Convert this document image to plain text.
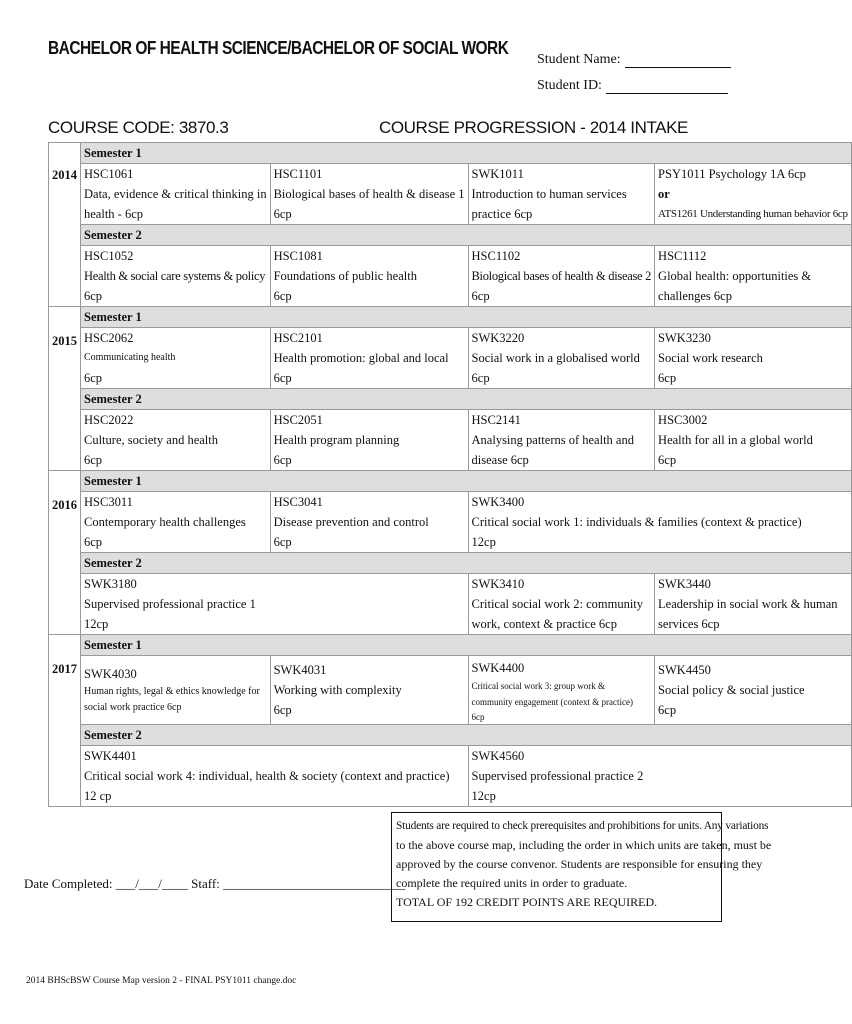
BACHELOR OF HEALTH SCIENCE/BACHELOR OF SOCIAL WORK
Student Name:
Student ID:
COURSE CODE: 3870.3	COURSE PROGRESSION - 2014 INTAKE
2014	Semester 1			

	HSC1061
Data, evidence & critical thinking in
health - 6cp	HSC1101
Biological bases of health & disease 1
6cp	SWK1011
Introduction to human services
practice 6cp	PSY1011 Psychology 1A 6cp
or
ATS1261 Understanding human behavior 6cp

	Semester 2			

	HSC1052
Health & social care systems & policy
6cp	HSC1081
Foundations of public health
6cp	HSC1102
Biological bases of health & disease 2
6cp	HSC1112
Global health: opportunities &
challenges 6cp

2015	Semester 1			

	HSC2062
Communicating health
6cp	HSC2101
Health promotion: global and local
6cp	SWK3220
Social work in a globalised world
6cp	SWK3230
Social work research
6cp

	Semester 2			

	HSC2022
Culture, society and health
6cp	HSC2051
Health program planning
6cp	HSC2141
Analysing patterns of health and
disease 6cp	HSC3002
Health for all in a global world
6cp

2016	Semester 1			

	HSC3011
Contemporary health challenges
6cp	HSC3041
Disease prevention and control
6cp	SWK3400
Critical social work 1: individuals & families (context & practice)
12cp	

	Semester 2			

	SWK3180
Supervised professional practice 1
12cp		SWK3410
Critical social work 2: community
work, context & practice 6cp	SWK3440
Leadership in social work & human
services 6cp

2017	Semester 1			

	SWK4030
Human rights, legal & ethics knowledge for
social work practice 6cp	SWK4031
Working with complexity
6cp	SWK4400
Critical social work 3: group work &
community engagement (context & practice)
6cp	SWK4450
Social policy & social justice
6cp

	Semester 2			

	SWK4401
Critical social work 4: individual, health & society (context and practice)
12 cp		SWK4560
Supervised professional practice 2
12cp	
Students are required to check prerequisites and prohibitions for units. Any variations
to the above course map, including the order in which units are taken, must be
approved by the course convenor. Students are responsible for ensuring they
complete the required units in order to graduate.
TOTAL OF 192 CREDIT POINTS ARE REQUIRED.
Date Completed: ___/___/____ Staff: ____________________________
2014 BHScBSW Course Map version 2 - FINAL PSY1011 change.doc
